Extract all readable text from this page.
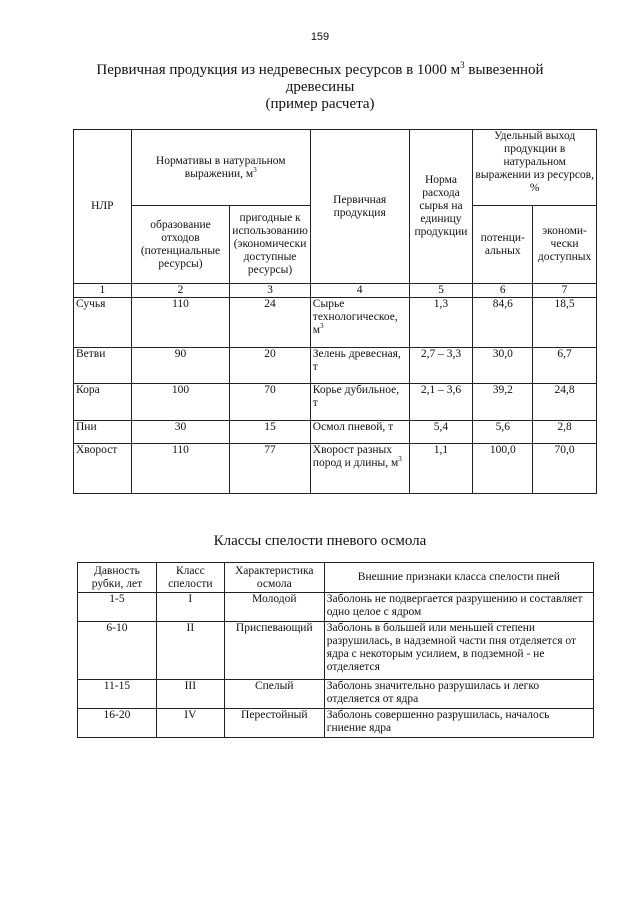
159
Первичная продукция из недревесных ресурсов в 1000 $м^3$ вывезенной
древесины
(пример расчета)
НЛР	Нормативы в натуральном выражении, $м^3$		Первичная продукция	Норма расхода сырья на единицу продукции	Удельный выход продукции в натуральном выражении из ресурсов, %	
	образование отходов (потенциальные ресурсы)	пригодные к использованию (экономически доступные ресурсы)			потенци-альных	экономи-чески доступных
1	2	3	4	5	6	7
Сучья	110	24	Сырье технологическое, $м^3$	1,3	84,6	18,5
Ветви	90	20	Зелень древесная, т	2,7 – 3,3	30,0	6,7
Кора	100	70	Корье дубильное, т	2,1 – 3,6	39,2	24,8
Пни	30	15	Осмол пневой, т	5,4	5,6	2,8
Хворост	110	77	Хворост разных пород и длины, $м^3$	1,1	100,0	70,0
Классы спелости пневого осмола
Давность рубки, лет	Класс спелости	Характеристика осмола	Внешние признаки класса спелости пней
1-5	I	Молодой	Заболонь не подвергается разрушению и составляет одно целое с ядром
6-10	II	Приспевающий	Заболонь в большей или меньшей степени разрушилась, в надземной части пня отделяется от ядра с некоторым усилием, в подземной - не отделяется
11-15	III	Спелый	Заболонь значительно разрушилась и легко отделяется от ядра
16-20	IV	Перестойный	Заболонь совершенно разрушилась, началось гниение ядра
